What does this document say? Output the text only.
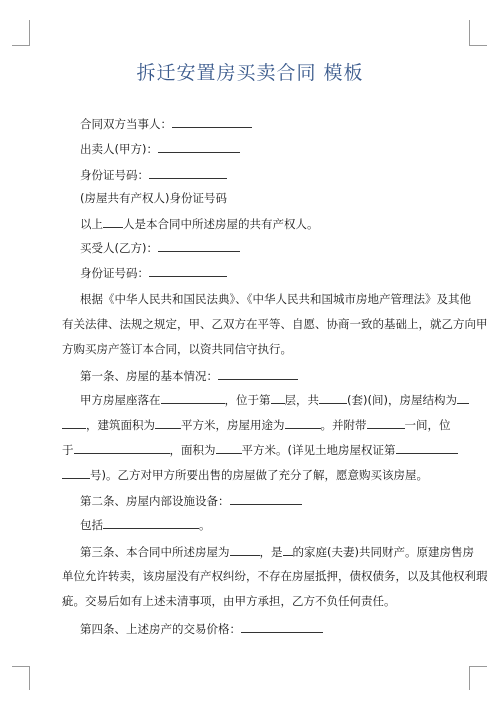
拆迁安置房买卖合同 模板
合同双方当事人：
出卖人(甲方)：
身份证号码：
(房屋共有产权人)身份证号码
以上 人是本合同中所述房屋的共有产权人。
买受人(乙方)：
身份证号码：
根据《中华人民共和国民法典》、《中华人民共和国城市房地产管理法》及其他
有关法律、法规之规定，甲、乙双方在平等、自愿、协商一致的基础上，就乙方向甲
方购买房产签订本合同，以资共同信守执行。
第一条、房屋的基本情况：
甲方房屋座落在	，位于第 层，共 (套)(间)，房屋结构为
，建筑面积为 平方米，房屋用途为	。并附带	一间，位
于	，面积为 平方米。(详见土地房屋权证第
号)。乙方对甲方所要出售的房屋做了充分了解，愿意购买该房屋。
第二条、房屋内部设施设备：
包括	。
第三条、本合同中所述房屋为	，是 的家庭(夫妻)共同财产。原建房售房
单位允许转卖，该房屋没有产权纠纷，不存在房屋抵押，债权债务，以及其他权利瑕
疵。交易后如有上述未清事项，由甲方承担，乙方不负任何责任。
第四条、上述房产的交易价格：
